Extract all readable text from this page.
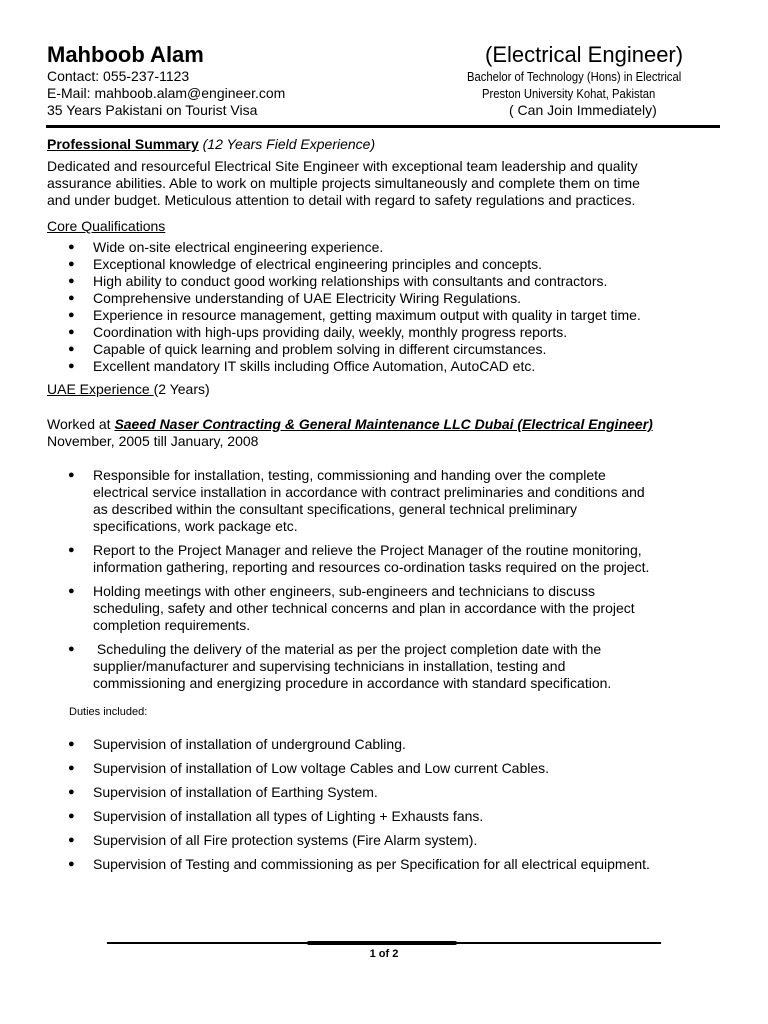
Mahboob Alam	(Electrical Engineer)
Contact: 055-237-1123
E-Mail: mahboob.alam@engineer.com
35 Years Pakistani on Tourist Visa
Bachelor of Technology (Hons) in Electrical
Preston University Kohat, Pakistan
( Can Join Immediately)
Professional Summary (12 Years Field Experience)
Dedicated and resourceful Electrical Site Engineer with exceptional team leadership and quality
assurance abilities. Able to work on multiple projects simultaneously and complete them on time
and under budget. Meticulous attention to detail with regard to safety regulations and practices.
Core Qualifications
● Wide on-site electrical engineering experience.
● Exceptional knowledge of electrical engineering principles and concepts.
● High ability to conduct good working relationships with consultants and contractors.
● Comprehensive understanding of UAE Electricity Wiring Regulations.
● Experience in resource management, getting maximum output with quality in target time.
● Coordination with high-ups providing daily, weekly, monthly progress reports.
● Capable of quick learning and problem solving in different circumstances.
● Excellent mandatory IT skills including Office Automation, AutoCAD etc.
UAE Experience (2 Years)
Worked at Saeed Naser Contracting & General Maintenance LLC Dubai (Electrical Engineer)
November, 2005 till January, 2008
● Responsible for installation, testing, commissioning and handing over the complete
electrical service installation in accordance with contract preliminaries and conditions and
as described within the consultant specifications, general technical preliminary
specifications, work package etc.
● Report to the Project Manager and relieve the Project Manager of the routine monitoring,
information gathering, reporting and resources co-ordination tasks required on the project.
● Holding meetings with other engineers, sub-engineers and technicians to discuss
scheduling, safety and other technical concerns and plan in accordance with the project
completion requirements.
● Scheduling the delivery of the material as per the project completion date with the
supplier/manufacturer and supervising technicians in installation, testing and
commissioning and energizing procedure in accordance with standard specification.
Duties included:
● Supervision of installation of underground Cabling.
● Supervision of installation of Low voltage Cables and Low current Cables.
● Supervision of installation of Earthing System.
● Supervision of installation all types of Lighting + Exhausts fans.
● Supervision of all Fire protection systems (Fire Alarm system).
● Supervision of Testing and commissioning as per Specification for all electrical equipment.
1 of 2
